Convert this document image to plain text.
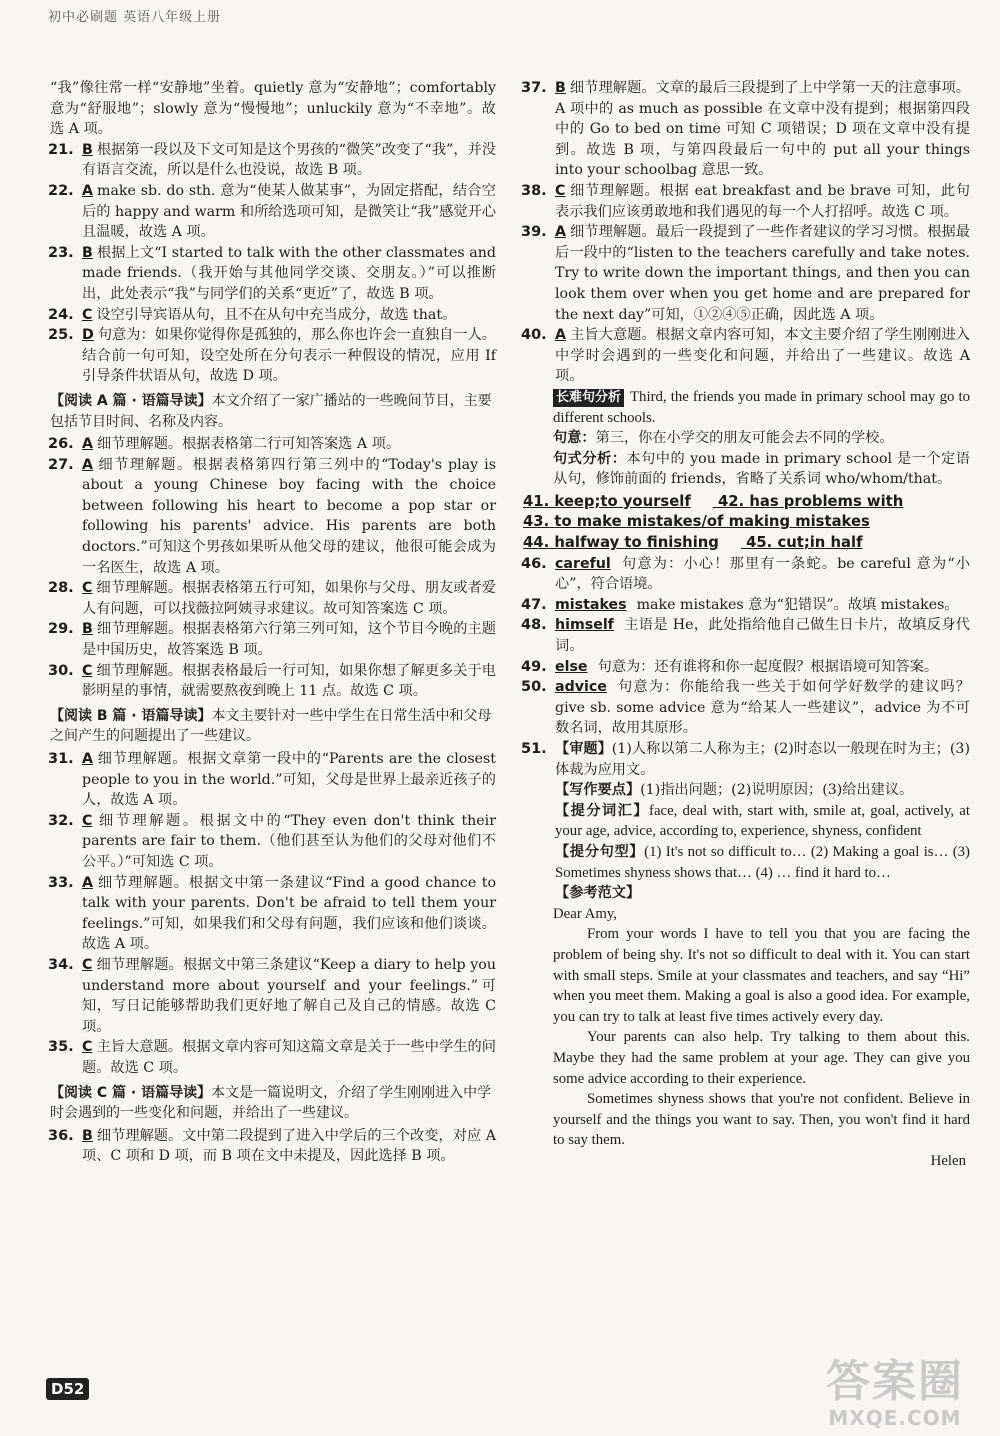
初中必刷题 英语八年级上册

“我”像往常一样“安静地”坐着。quietly 意为“安静地”；comfortably 意为“舒服地”；slowly 意为“慢慢地”；unluckily 意为“不幸地”。故选 A 项。

21. B 根据第一段以及下文可知是这个男孩的“微笑”改变了“我”，并没有语言交流，所以是什么也没说，故选 B 项。
22. A make sb. do sth. 意为“使某人做某事”，为固定搭配，结合空后的 happy and warm 和所给选项可知，是微笑让“我”感觉开心且温暖，故选 A 项。
23. B 根据上文“I started to talk with the other classmates and made friends.（我开始与其他同学交谈、交朋友。）”可以推断出，此处表示“我”与同学们的关系“更近”了，故选 B 项。
24. C 设空引导宾语从句，且不在从句中充当成分，故选 that。
25. D 句意为：如果你觉得你是孤独的，那么你也许会一直独自一人。结合前一句可知，设空处所在分句表示一种假设的情况，应用 If 引导条件状语从句，故选 D 项。
【阅读 A 篇 · 语篇导读】本文介绍了一家广播站的一些晚间节目，主要包括节目时间、名称及内容。
26. A 细节理解题。根据表格第二行可知答案选 A 项。
27. A 细节理解题。根据表格第四行第三列中的“Today's play is about a young Chinese boy facing with the choice between following his heart to become a pop star or following his parents' advice. His parents are both doctors.”可知这个男孩如果听从他父母的建议，他很可能会成为一名医生，故选 A 项。
28. C 细节理解题。根据表格第五行可知，如果你与父母、朋友或者爱人有问题，可以找薇拉阿姨寻求建议。故可知答案选 C 项。
29. B 细节理解题。根据表格第六行第三列可知，这个节目今晚的主题是中国历史，故答案选 B 项。
30. C 细节理解题。根据表格最后一行可知，如果你想了解更多关于电影明星的事情，就需要熬夜到晚上 11 点。故选 C 项。
【阅读 B 篇 · 语篇导读】本文主要针对一些中学生在日常生活中和父母之间产生的问题提出了一些建议。
31. A 细节理解题。根据文章第一段中的“Parents are the closest people to you in the world.”可知，父母是世界上最亲近孩子的人，故选 A 项。
32. C 细节理解题。根据文中的“They even don't think their parents are fair to them.（他们甚至认为他们的父母对他们不公平。）”可知选 C 项。
33. A 细节理解题。根据文中第一条建议“Find a good chance to talk with your parents. Don't be afraid to tell them your feelings.”可知，如果我们和父母有问题，我们应该和他们谈谈。故选 A 项。
34. C 细节理解题。根据文中第三条建议“Keep a diary to help you understand more about yourself and your feelings.”可知，写日记能够帮助我们更好地了解自己及自己的情感。故选 C 项。
35. C 主旨大意题。根据文章内容可知这篇文章是关于一些中学生的问题。故选 C 项。
【阅读 C 篇 · 语篇导读】本文是一篇说明文，介绍了学生刚刚进入中学时会遇到的一些变化和问题，并给出了一些建议。
36. B 细节理解题。文中第二段提到了进入中学后的三个改变，对应 A 项、C 项和 D 项，而 B 项在文中未提及，因此选择 B 项。
37. B 细节理解题。文章的最后三段提到了上中学第一天的注意事项。A 项中的 as much as possible 在文章中没有提到；根据第四段中的 Go to bed on time 可知 C 项错误；D 项在文章中没有提到。故选 B 项，与第四段最后一句中的 put all your things into your schoolbag 意思一致。
38. C 细节理解题。根据 eat breakfast and be brave 可知，此句表示我们应该勇敢地和我们遇见的每一个人打招呼。故选 C 项。
39. A 细节理解题。最后一段提到了一些作者建议的学习习惯。根据最后一段中的“listen to the teachers carefully and take notes. Try to write down the important things, and then you can look them over when you get home and are prepared for the next day”可知，①②④⑤正确，因此选 A 项。
40. A 主旨大意题。根据文章内容可知，本文主要介绍了学生刚刚进入中学时会遇到的一些变化和问题，并给出了一些建议。故选 A 项。
长难句分析 Third, the friends you made in primary school may go to different schools.
句意：第三，你在小学交的朋友可能会去不同的学校。
句式分析：本句中的 you made in primary school 是一个定语从句，修饰前面的 friends，省略了关系词 who/whom/that。

41. keep;to yourself 42. has problems with

43. to make mistakes/of making mistakes

44. halfway to finishing 45. cut;in half

46. careful 句意为：小心！那里有一条蛇。be careful 意为“小心”，符合语境。
47. mistakes make mistakes 意为“犯错误”。故填 mistakes。
48. himself 主语是 He，此处指给他自己做生日卡片，故填反身代词。
49. else 句意为：还有谁将和你一起度假？根据语境可知答案。
50. advice 句意为：你能给我一些关于如何学好数学的建议吗？give sb. some advice 意为“给某人一些建议”，advice 为不可数名词，故用其原形。
51. 【审题】(1)人称以第二人称为主；(2)时态以一般现在时为主；(3)体裁为应用文。
【写作要点】(1)指出问题；(2)说明原因；(3)给出建议。
【提分词汇】face, deal with, start with, smile at, goal, actively, at your age, advice, according to, experience, shyness, confident
【提分句型】(1) It's not so difficult to… (2) Making a goal is… (3) Sometimes shyness shows that… (4) … find it hard to…
【参考范文】

Dear Amy,

From your words I have to tell you that you are facing the problem of being shy. It's not so difficult to deal with it. You can start with small steps. Smile at your classmates and teachers, and say “Hi” when you meet them. Making a goal is also a good idea. For example, you can try to talk at least five times actively every day.

Your parents can also help. Try talking to them about this. Maybe they had the same problem at your age. They can give you some advice according to their experience.

Sometimes shyness shows that you're not confident. Believe in yourself and the things you want to say. Then, you won't find it hard to say them.

Helen

D52	答案圈
MXQE.COM
